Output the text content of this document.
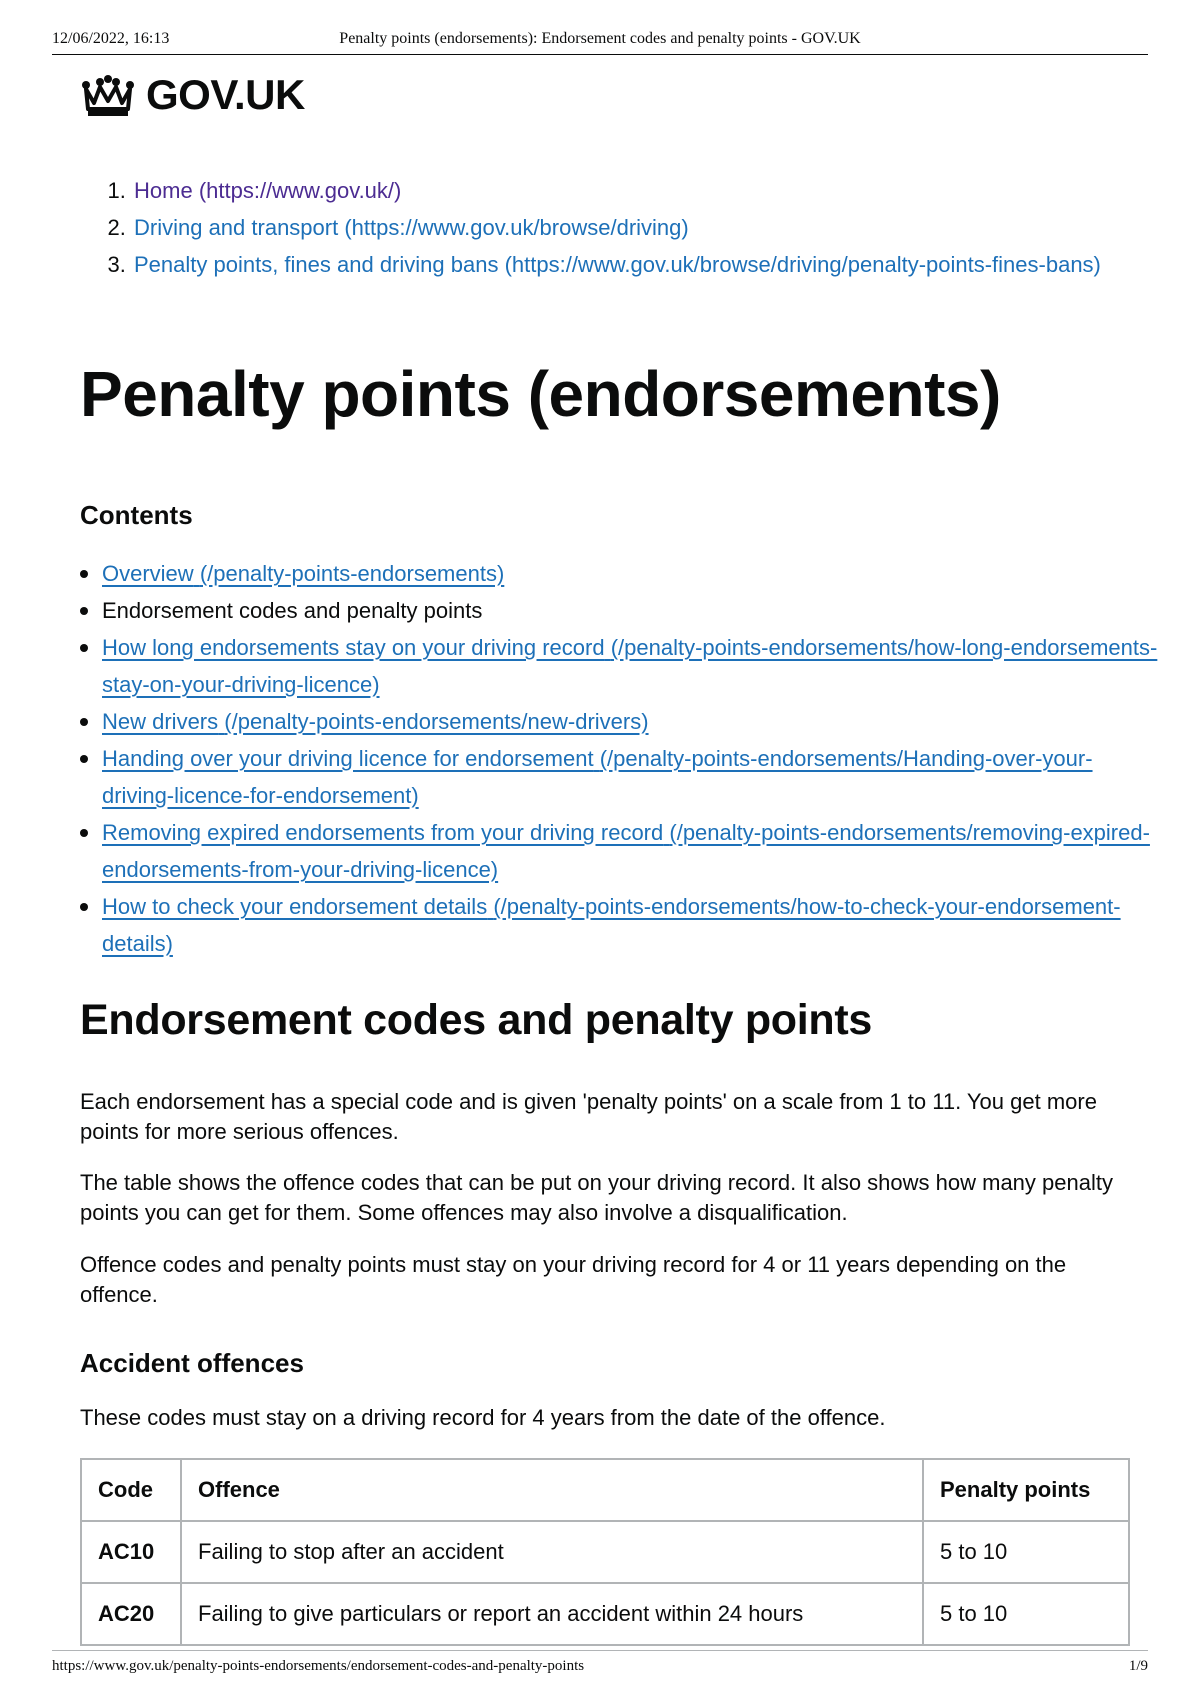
12/06/2022, 16:13	Penalty points (endorsements): Endorsement codes and penalty points - GOV.UK
GOV.UK
1. Home (https://www.gov.uk/)
2. Driving and transport (https://www.gov.uk/browse/driving)
3. Penalty points, fines and driving bans (https://www.gov.uk/browse/driving/penalty-points-fines-bans)
Penalty points (endorsements)
Contents
Overview (/penalty-points-endorsements)
Endorsement codes and penalty points
How long endorsements stay on your driving record (/penalty-points-endorsements/how-long-endorsements-stay-on-your-driving-licence)
New drivers (/penalty-points-endorsements/new-drivers)
Handing over your driving licence for endorsement (/penalty-points-endorsements/Handing-over-your-driving-licence-for-endorsement)
Removing expired endorsements from your driving record (/penalty-points-endorsements/removing-expired-endorsements-from-your-driving-licence)
How to check your endorsement details (/penalty-points-endorsements/how-to-check-your-endorsement-details)
Endorsement codes and penalty points

Each endorsement has a special code and is given 'penalty points' on a scale from 1 to 11. You get more points for more serious offences.

The table shows the offence codes that can be put on your driving record. It also shows how many penalty points you can get for them. Some offences may also involve a disqualification.

Offence codes and penalty points must stay on your driving record for 4 or 11 years depending on the offence.

Accident offences

These codes must stay on a driving record for 4 years from the date of the offence.

Code	Offence	Penalty points
AC10	Failing to stop after an accident	5 to 10
AC20	Failing to give particulars or report an accident within 24 hours	5 to 10
https://www.gov.uk/penalty-points-endorsements/endorsement-codes-and-penalty-points	1/9
